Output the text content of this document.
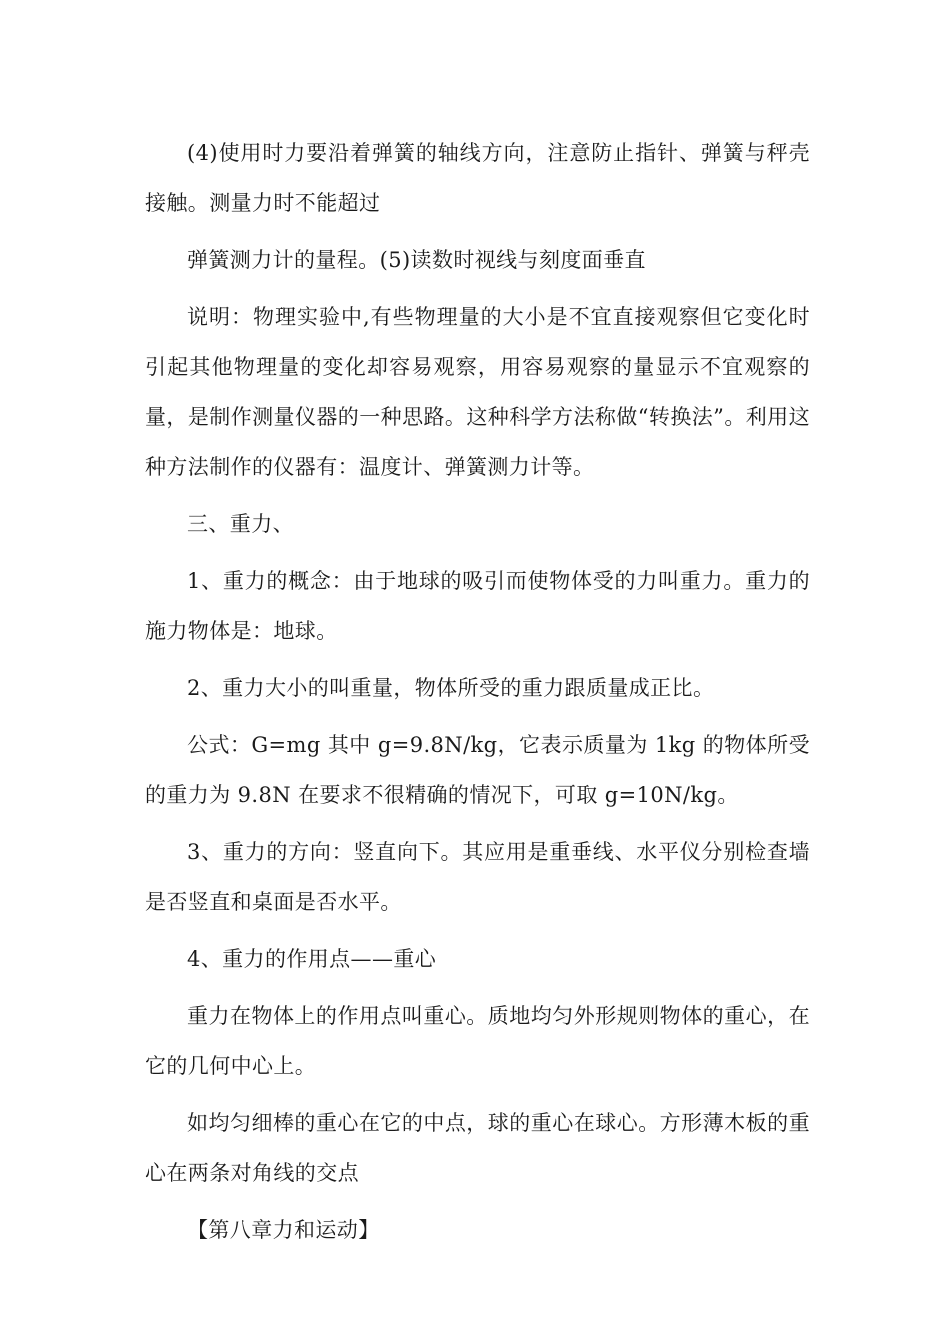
(4)使用时力要沿着弹簧的轴线方向，注意防止指针、弹簧与秤壳接触。测量力时不能超过

弹簧测力计的量程。(5)读数时视线与刻度面垂直

说明：物理实验中,有些物理量的大小是不宜直接观察但它变化时引起其他物理量的变化却容易观察，用容易观察的量显示不宜观察的量，是制作测量仪器的一种思路。这种科学方法称做“转换法”。利用这种方法制作的仪器有：温度计、弹簧测力计等。

三、重力、

1、重力的概念：由于地球的吸引而使物体受的力叫重力。重力的施力物体是：地球。

2、重力大小的叫重量，物体所受的重力跟质量成正比。

公式：G=mg 其中 g=9.8N/kg，它表示质量为 1kg 的物体所受的重力为 9.8N 在要求不很精确的情况下，可取 g=10N/kg。

3、重力的方向：竖直向下。其应用是重垂线、水平仪分别检查墙是否竖直和桌面是否水平。

4、重力的作用点——重心

重力在物体上的作用点叫重心。质地均匀外形规则物体的重心，在它的几何中心上。

如均匀细棒的重心在它的中点，球的重心在球心。方形薄木板的重心在两条对角线的交点

【第八章力和运动】
